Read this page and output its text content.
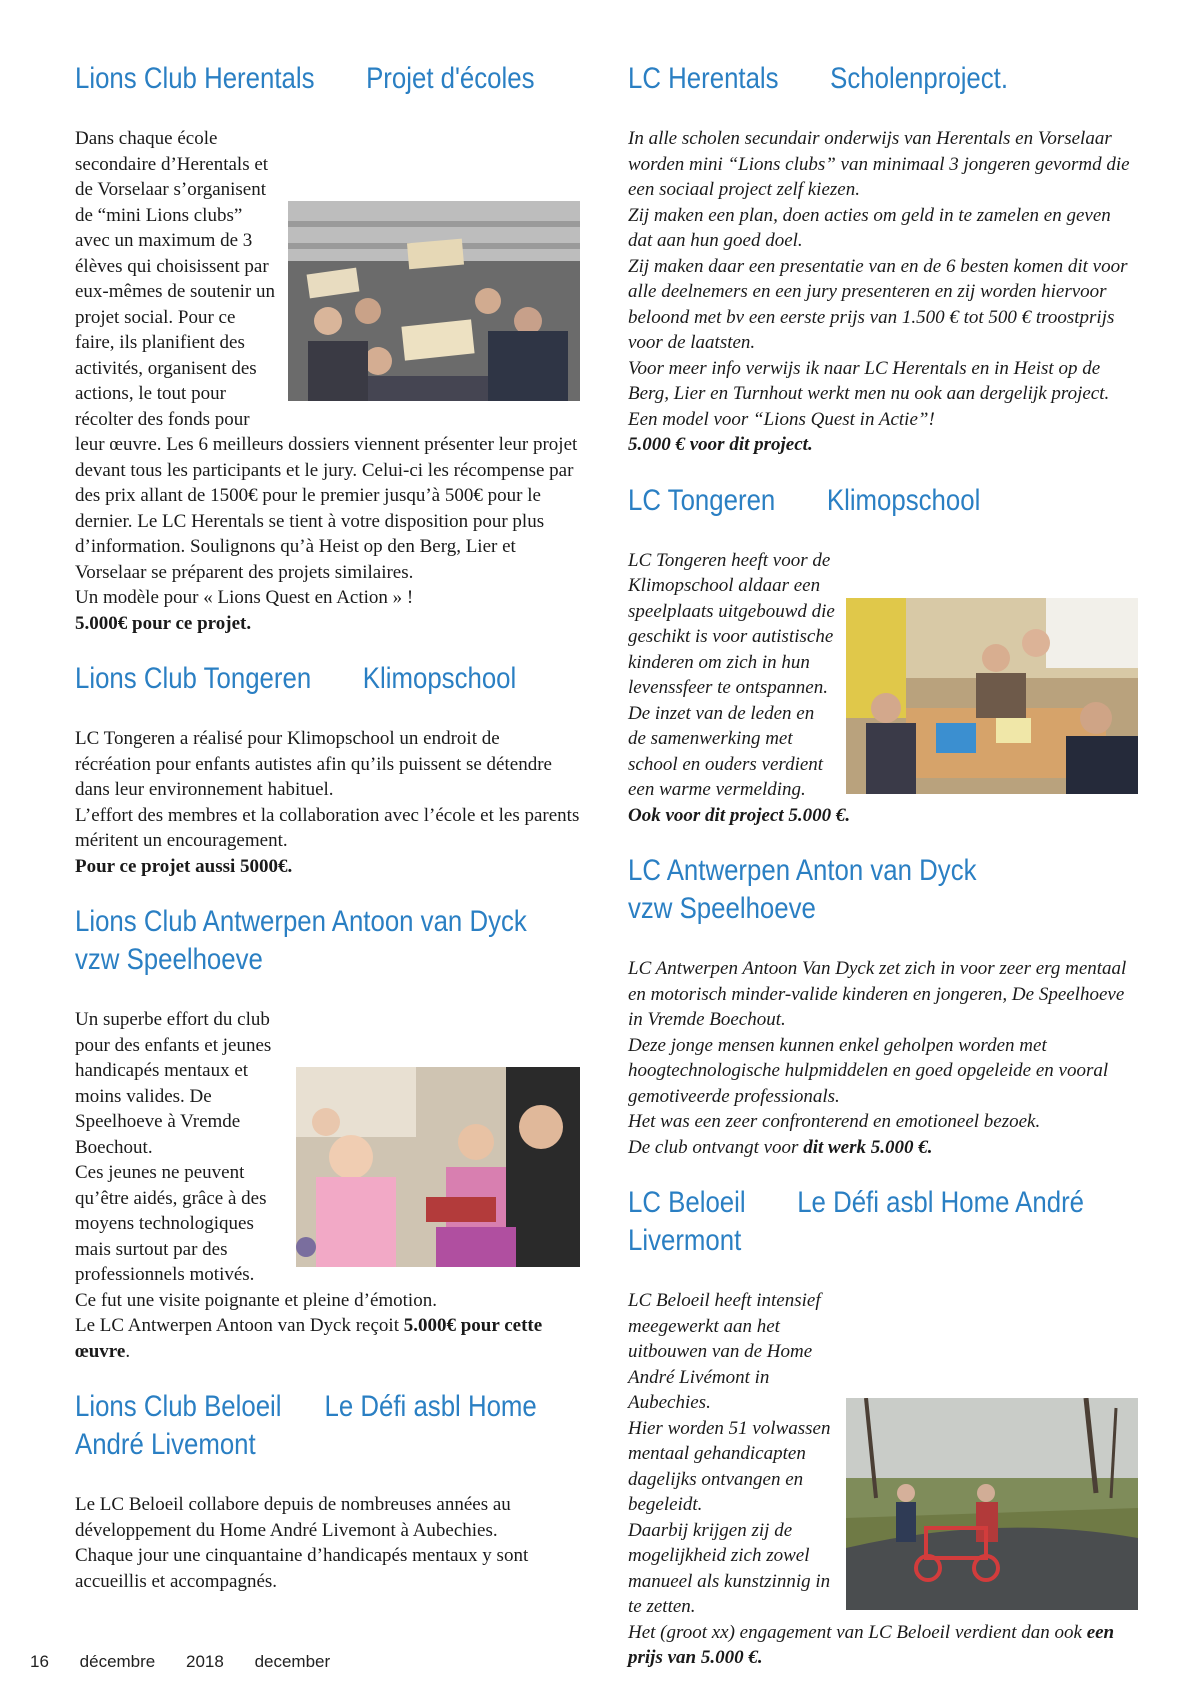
Lions Club Herentals Projet d'écoles

Dans chaque école secondaire d’Herentals et de Vorselaar s’organisent de “mini Lions clubs” avec un maximum de 3 élèves qui choisissent par eux-mêmes de soutenir un projet social. Pour ce faire, ils planifient des activités, organisent des actions, le tout pour récolter des fonds pour leur œuvre. Les 6 meilleurs dossiers viennent présenter leur projet devant tous les participants et le jury. Celui-ci les récompense par des prix allant de 1500€ pour le premier jusqu’à 500€ pour le dernier. Le LC Herentals se tient à votre disposition pour plus d’information. Soulignons qu’à Heist op den Berg, Lier et Vorselaar se préparent des projets similaires.
Un modèle pour « Lions Quest en Action » !
5.000€ pour ce projet.

Lions Club Tongeren Klimopschool

LC Tongeren a réalisé pour Klimopschool un endroit de récréation pour enfants autistes afin qu’ils puissent se détendre dans leur environnement habituel.
L’effort des membres et la collaboration avec l’école et les parents méritent un encouragement.
Pour ce projet aussi 5000€.

Lions Club Antwerpen Antoon van Dyck
vzw Speelhoeve

Un superbe effort du club pour des enfants et jeunes handicapés mentaux et moins valides. De Speelhoeve à Vremde Boechout.
Ces jeunes ne peuvent qu’être aidés, grâce à des moyens technologiques mais surtout par des professionnels motivés.
Ce fut une visite poignante et pleine d’émotion.
Le LC Antwerpen Antoon van Dyck reçoit 5.000€ pour cette œuvre.

Lions Club Beloeil Le Défi asbl Home
André Livemont

Le LC Beloeil collabore depuis de nombreuses années au développement du Home André Livemont à Aubechies.
Chaque jour une cinquantaine d’handicapés mentaux y sont accueillis et accompagnés.

LC Herentals Scholenproject.

In alle scholen secundair onderwijs van Herentals en Vorselaar worden mini “Lions clubs” van minimaal 3 jongeren gevormd die een sociaal project zelf kiezen.
Zij maken een plan, doen acties om geld in te zamelen en geven dat aan hun goed doel.
Zij maken daar een presentatie van en de 6 besten komen dit voor alle deelnemers en een jury presenteren en zij worden hiervoor beloond met bv een eerste prijs van 1.500 € tot 500 € troostprijs voor de laatsten.
Voor meer info verwijs ik naar LC Herentals en in Heist op de Berg, Lier en Turnhout werkt men nu ook aan dergelijk project.
Een model voor “Lions Quest in Actie”!
5.000 € voor dit project.

LC Tongeren Klimopschool

LC Tongeren heeft voor de Klimopschool aldaar een speelplaats uitgebouwd die geschikt is voor autistische kinderen om zich in hun levenssfeer te ontspannen.
De inzet van de leden en de samenwerking met school en ouders verdient een warme vermelding.
Ook voor dit project 5.000 €.

LC Antwerpen Anton van Dyck
vzw Speelhoeve

LC Antwerpen Antoon Van Dyck zet zich in voor zeer erg mentaal en motorisch minder-valide kinderen en jongeren, De Speelhoeve in Vremde Boechout.
Deze jonge mensen kunnen enkel geholpen worden met hoogtechnologische hulpmiddelen en goed opgeleide en vooral gemotiveerde professionals.
Het was een zeer confronterend en emotioneel bezoek.
De club ontvangt voor dit werk 5.000 €.

LC Beloeil Le Défi asbl Home André
Livermont

LC Beloeil heeft intensief meegewerkt aan het uitbouwen van de Home André Livémont in Aubechies.
Hier worden 51 volwassen mentaal gehandicapten dagelijks ontvangen en begeleidt.
Daarbij krijgen zij de mogelijkheid zich zowel manueel als kunstzinnig in te zetten.
Het (groot xx) engagement van LC Beloeil verdient dan ook een prijs van 5.000 €.

16 décembre 2018 december
